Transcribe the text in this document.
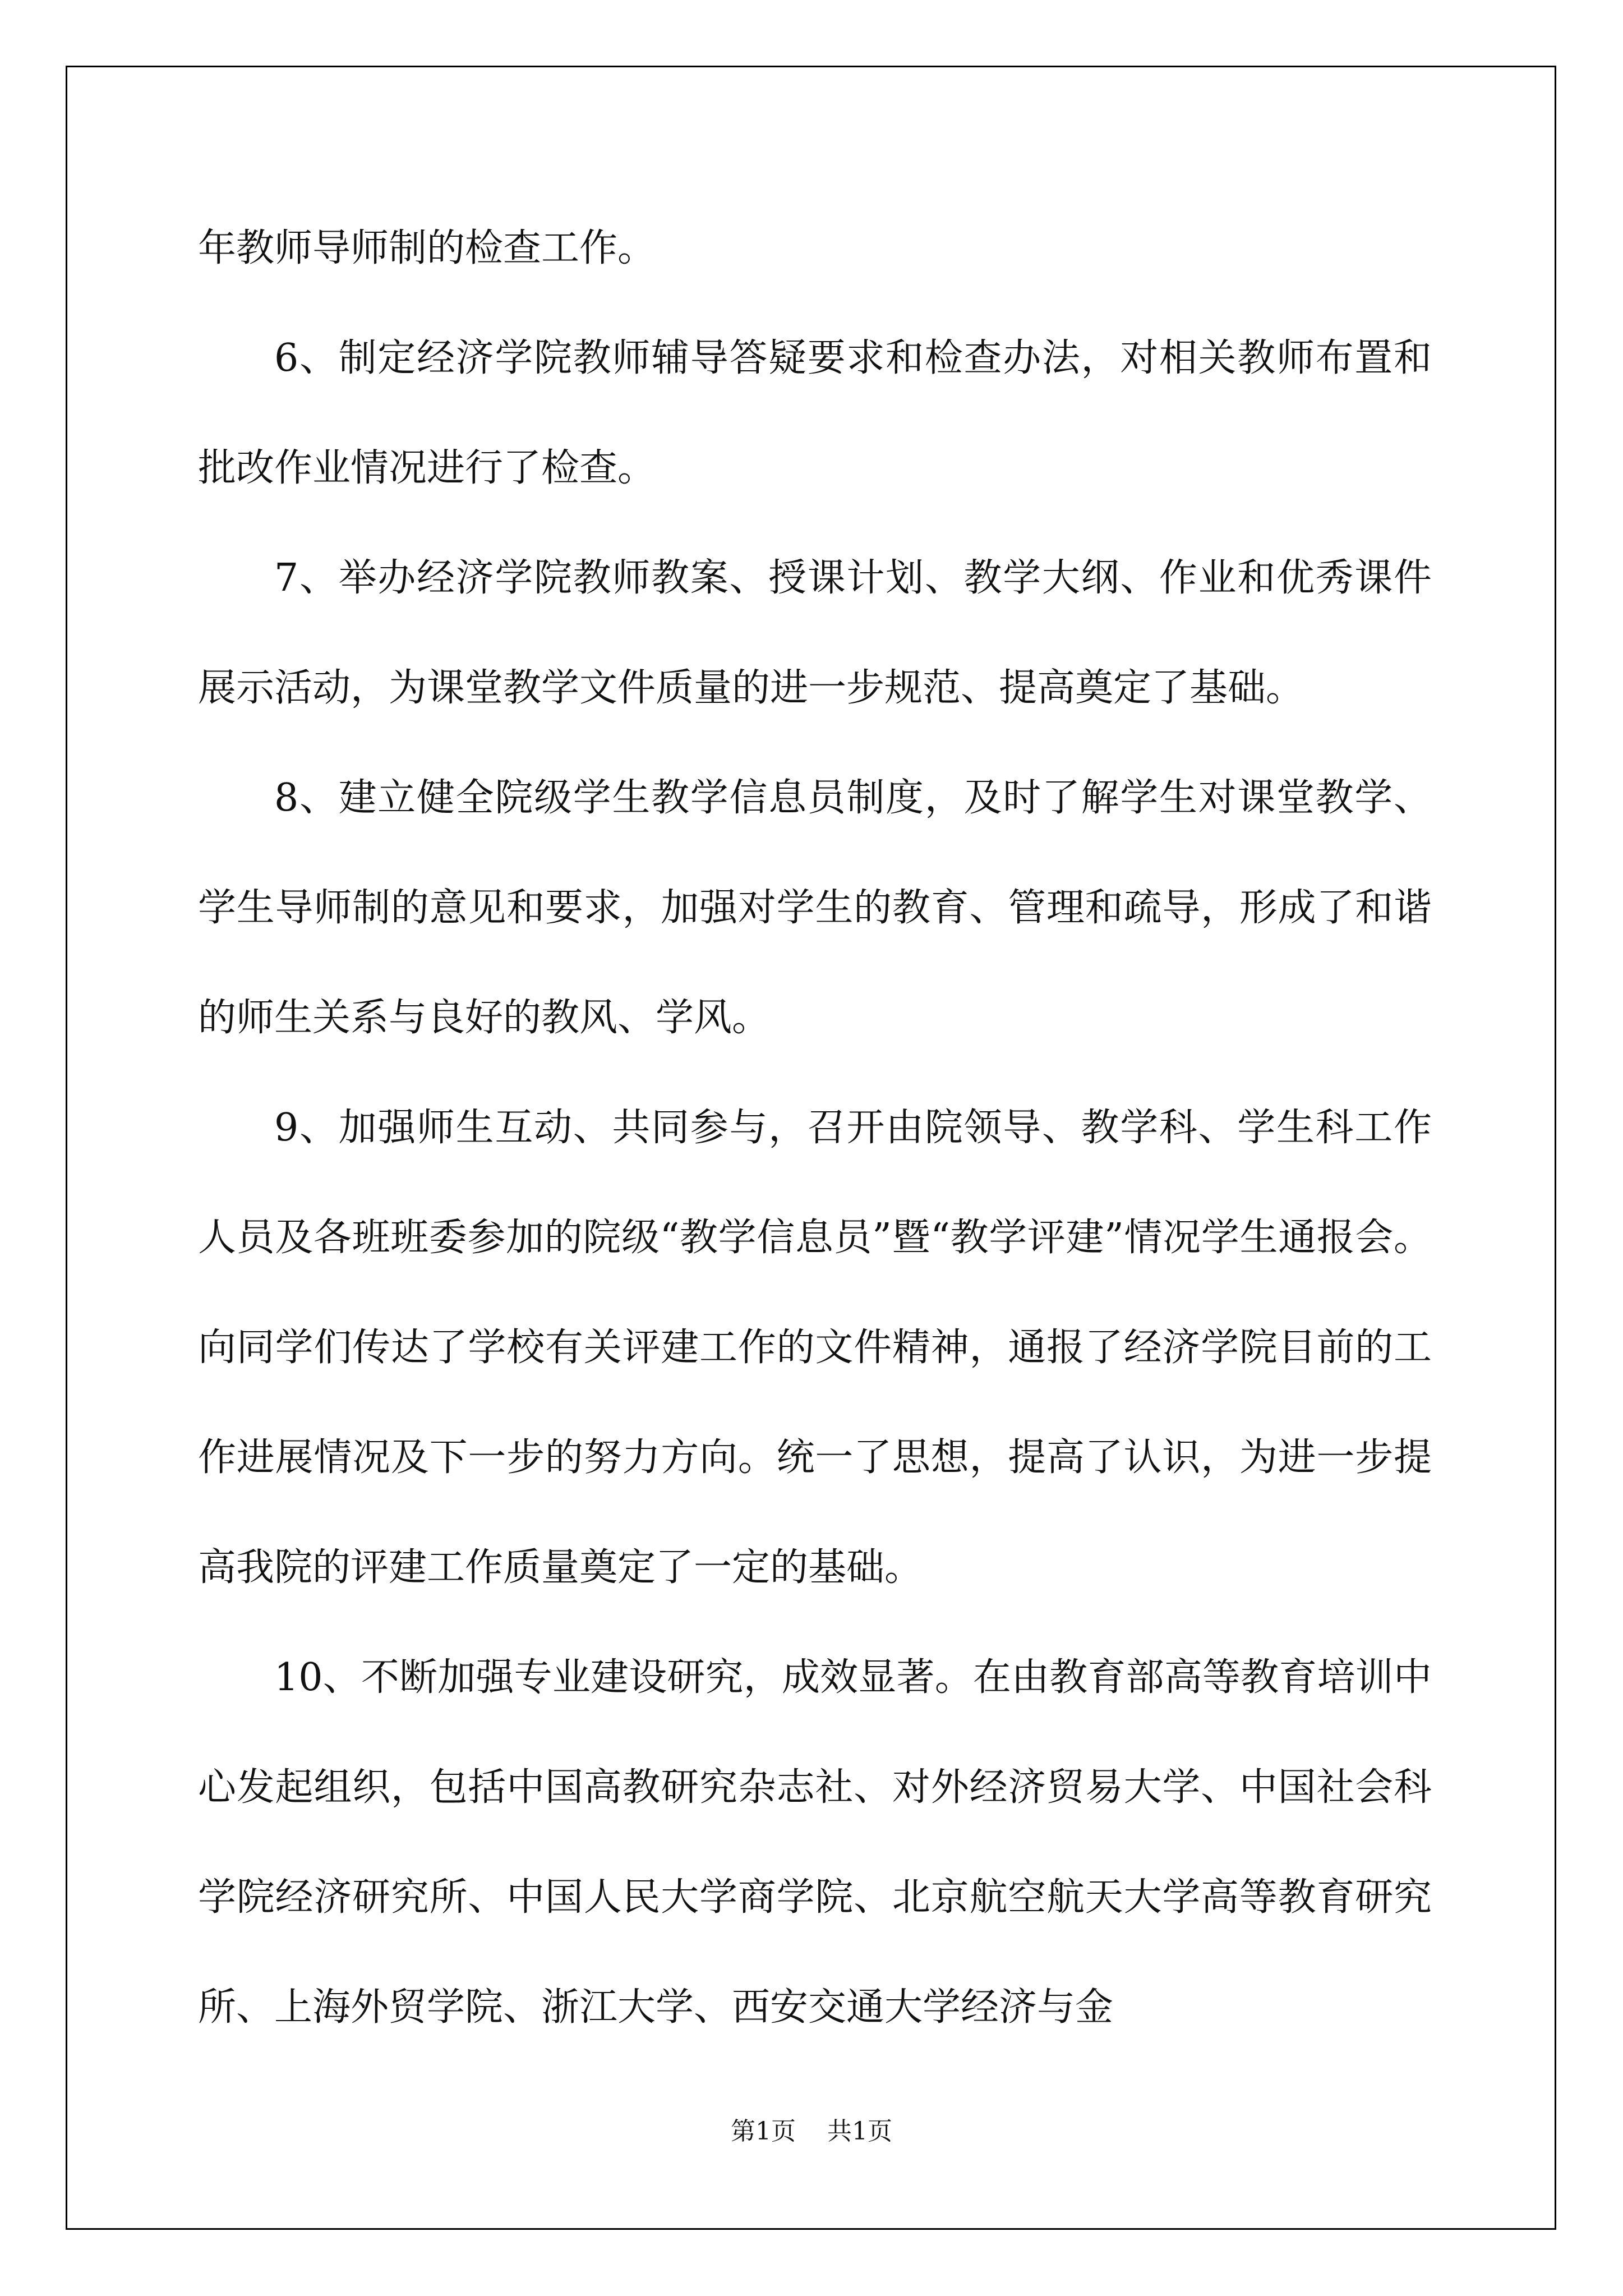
年教师导师制的检查工作。

6、制定经济学院教师辅导答疑要求和检查办法，对相关教师布置和批改作业情况进行了检查。

7、举办经济学院教师教案、授课计划、教学大纲、作业和优秀课件展示活动，为课堂教学文件质量的进一步规范、提高奠定了基础。

8、建立健全院级学生教学信息员制度，及时了解学生对课堂教学、学生导师制的意见和要求，加强对学生的教育、管理和疏导，形成了和谐的师生关系与良好的教风、学风。

9、加强师生互动、共同参与，召开由院领导、教学科、学生科工作人员及各班班委参加的院级“教学信息员”暨“教学评建”情况学生通报会。向同学们传达了学校有关评建工作的文件精神，通报了经济学院目前的工作进展情况及下一步的努力方向。统一了思想，提高了认识，为进一步提高我院的评建工作质量奠定了一定的基础。

10、不断加强专业建设研究，成效显著。在由教育部高等教育培训中心发起组织，包括中国高教研究杂志社、对外经济贸易大学、中国社会科学院经济研究所、中国人民大学商学院、北京航空航天大学高等教育研究所、上海外贸学院、浙江大学、西安交通大学经济与金

第1页 共1页
